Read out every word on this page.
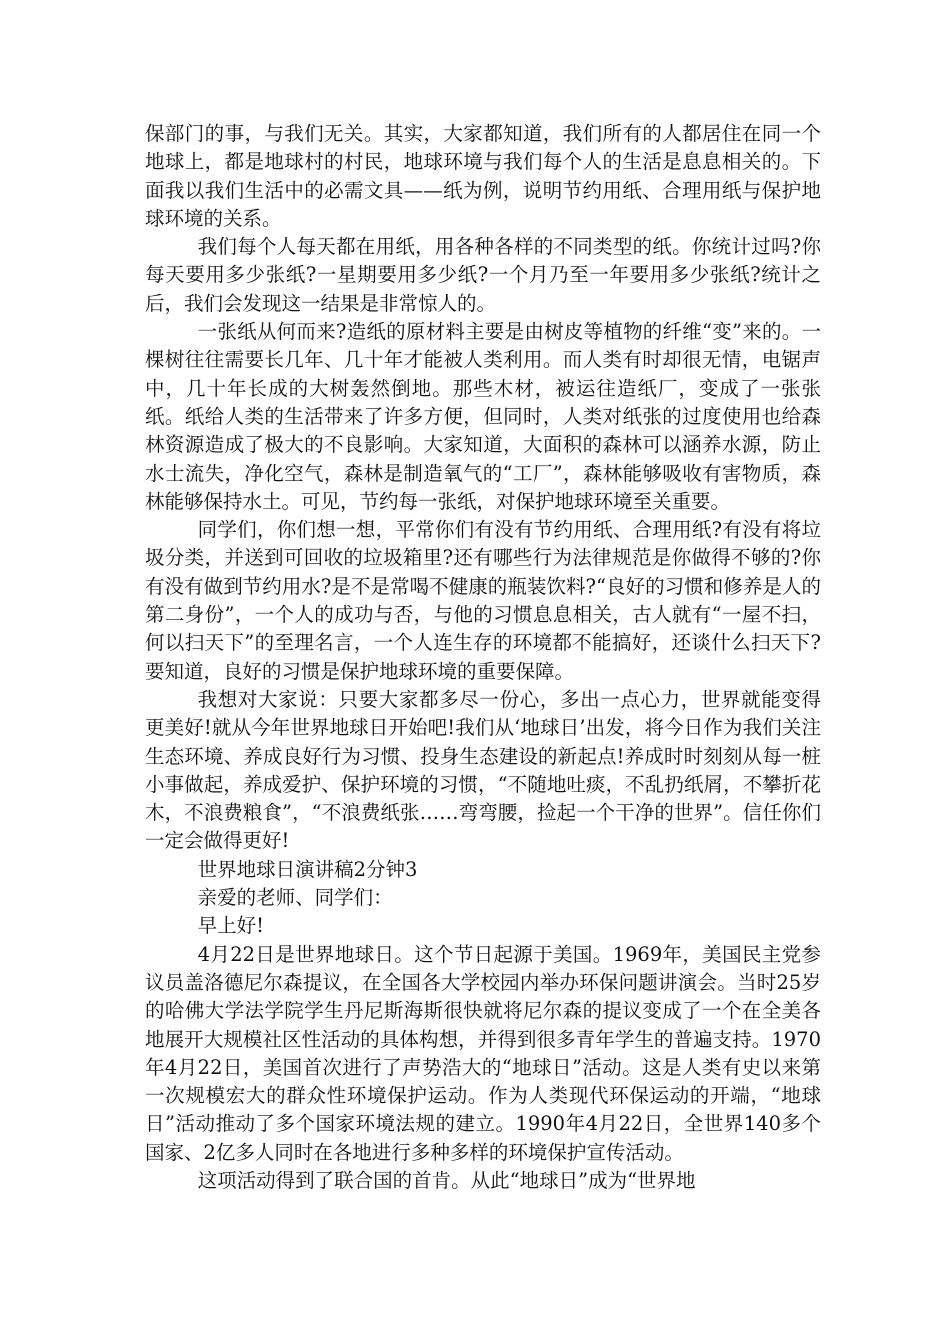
保部门的事，与我们无关。其实，大家都知道，我们所有的人都居住在同一个地球上，都是地球村的村民，地球环境与我们每个人的生活是息息相关的。下面我以我们生活中的必需文具——纸为例，说明节约用纸、合理用纸与保护地球环境的关系。

我们每个人每天都在用纸，用各种各样的不同类型的纸。你统计过吗?你每天要用多少张纸?一星期要用多少纸?一个月乃至一年要用多少张纸?统计之后，我们会发现这一结果是非常惊人的。

一张纸从何而来?造纸的原材料主要是由树皮等植物的纤维“变”来的。一棵树往往需要长几年、几十年才能被人类利用。而人类有时却很无情，电锯声中，几十年长成的大树轰然倒地。那些木材，被运往造纸厂，变成了一张张纸。纸给人类的生活带来了许多方便，但同时，人类对纸张的过度使用也给森林资源造成了极大的不良影响。大家知道，大面积的森林可以涵养水源，防止水士流失，净化空气，森林是制造氧气的“工厂”，森林能够吸收有害物质，森林能够保持水土。可见，节约每一张纸，对保护地球环境至关重要。

同学们，你们想一想，平常你们有没有节约用纸、合理用纸?有没有将垃圾分类，并送到可回收的垃圾箱里?还有哪些行为法律规范是你做得不够的?你有没有做到节约用水?是不是常喝不健康的瓶装饮料?“良好的习惯和修养是人的第二身份”，一个人的成功与否，与他的习惯息息相关，古人就有“一屋不扫，何以扫天下”的至理名言，一个人连生存的环境都不能搞好，还谈什么扫天下?要知道，良好的习惯是保护地球环境的重要保障。

我想对大家说：只要大家都多尽一份心，多出一点心力，世界就能变得更美好!就从今年世界地球日开始吧!我们从‘地球日’出发，将今日作为我们关注生态环境、养成良好行为习惯、投身生态建设的新起点!养成时时刻刻从每一桩小事做起，养成爱护、保护环境的习惯，“不随地吐痰，不乱扔纸屑，不攀折花木，不浪费粮食”，“不浪费纸张……弯弯腰，捡起一个干净的世界”。信任你们一定会做得更好!

世界地球日演讲稿2分钟3

亲爱的老师、同学们：

早上好!

4月22日是世界地球日。这个节日起源于美国。1969年，美国民主党参议员盖洛德尼尔森提议，在全国各大学校园内举办环保问题讲演会。当时25岁的哈佛大学法学院学生丹尼斯海斯很快就将尼尔森的提议变成了一个在全美各地展开大规模社区性活动的具体构想，并得到很多青年学生的普遍支持。1970年4月22日，美国首次进行了声势浩大的“地球日”活动。这是人类有史以来第一次规模宏大的群众性环境保护运动。作为人类现代环保运动的开端，“地球日”活动推动了多个国家环境法规的建立。1990年4月22日，全世界140多个国家、2亿多人同时在各地进行多种多样的环境保护宣传活动。

这项活动得到了联合国的首肯。从此“地球日”成为“世界地
